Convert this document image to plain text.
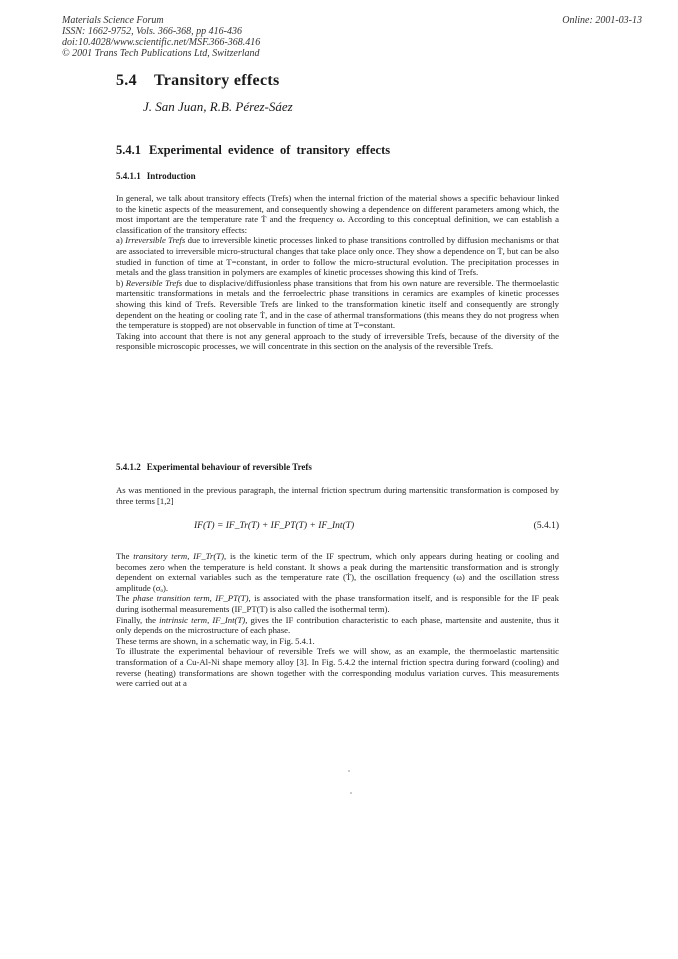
Materials Science Forum
ISSN: 1662-9752, Vols. 366-368, pp 416-436
doi:10.4028/www.scientific.net/MSF.366-368.416
© 2001 Trans Tech Publications Ltd, Switzerland
Online: 2001-03-13
5.4 Transitory effects
J. San Juan, R.B. Pérez-Sáez
5.4.1 Experimental evidence of transitory effects
5.4.1.1 Introduction

In general, we talk about transitory effects (Trefs) when the internal friction of the material shows a specific behaviour linked to the kinetic aspects of the measurement, and consequently showing a dependence on different parameters among which, the most important are the temperature rate Ṫ and the frequency ω. According to this conceptual definition, we can establish a classification of the transitory effects:

a) Irreversible Trefs due to irreversible kinetic processes linked to phase transitions controlled by diffusion mechanisms or that are associated to irreversible micro-structural changes that take place only once. They show a dependence on Ṫ, but can be also studied in function of time at T=constant, in order to follow the micro-structural evolution. The precipitation processes in metals and the glass transition in polymers are examples of kinetic processes showing this kind of Trefs.

b) Reversible Trefs due to displacive/diffusionless phase transitions that from his own nature are reversible. The thermoelastic martensitic transformations in metals and the ferroelectric phase transitions in ceramics are examples of kinetic processes showing this kind of Trefs. Reversible Trefs are linked to the transformation kinetic itself and consequently are strongly dependent on the heating or cooling rate Ṫ, and in the case of athermal transformations (this means they do not progress when the temperature is stopped) are not observable in function of time at T=constant.

Taking into account that there is not any general approach to the study of irreversible Trefs, because of the diversity of the responsible microscopic processes, we will concentrate in this section on the analysis of the reversible Trefs.

5.4.1.2 Experimental behaviour of reversible Trefs
As was mentioned in the previous paragraph, the internal friction spectrum during martensitic transformation is composed by three terms [1,2]
IF(T) = IF_Tr(T) + IF_PT(T) + IF_Int(T)	(5.4.1)

The transitory term, IF_Tr(T), is the kinetic term of the IF spectrum, which only appears during heating or cooling and becomes zero when the temperature is held constant. It shows a peak during the martensitic transformation and is strongly dependent on external variables such as the temperature rate (Ṫ), the oscillation frequency (ω) and the oscillation stress amplitude (σₒ).

The phase transition term, IF_PT(T), is associated with the phase transformation itself, and is responsible for the IF peak during isothermal measurements (IF_PT(T) is also called the isothermal term).

Finally, the intrinsic term, IF_Int(T), gives the IF contribution characteristic to each phase, martensite and austenite, thus it only depends on the microstructure of each phase.

These terms are shown, in a schematic way, in Fig. 5.4.1.

To illustrate the experimental behaviour of reversible Trefs we will show, as an example, the thermoelastic martensitic transformation of a Cu-Al-Ni shape memory alloy [3]. In Fig. 5.4.2 the internal friction spectra during forward (cooling) and reverse (heating) transformations are shown together with the corresponding modulus variation curves. This measurements were carried out at a
